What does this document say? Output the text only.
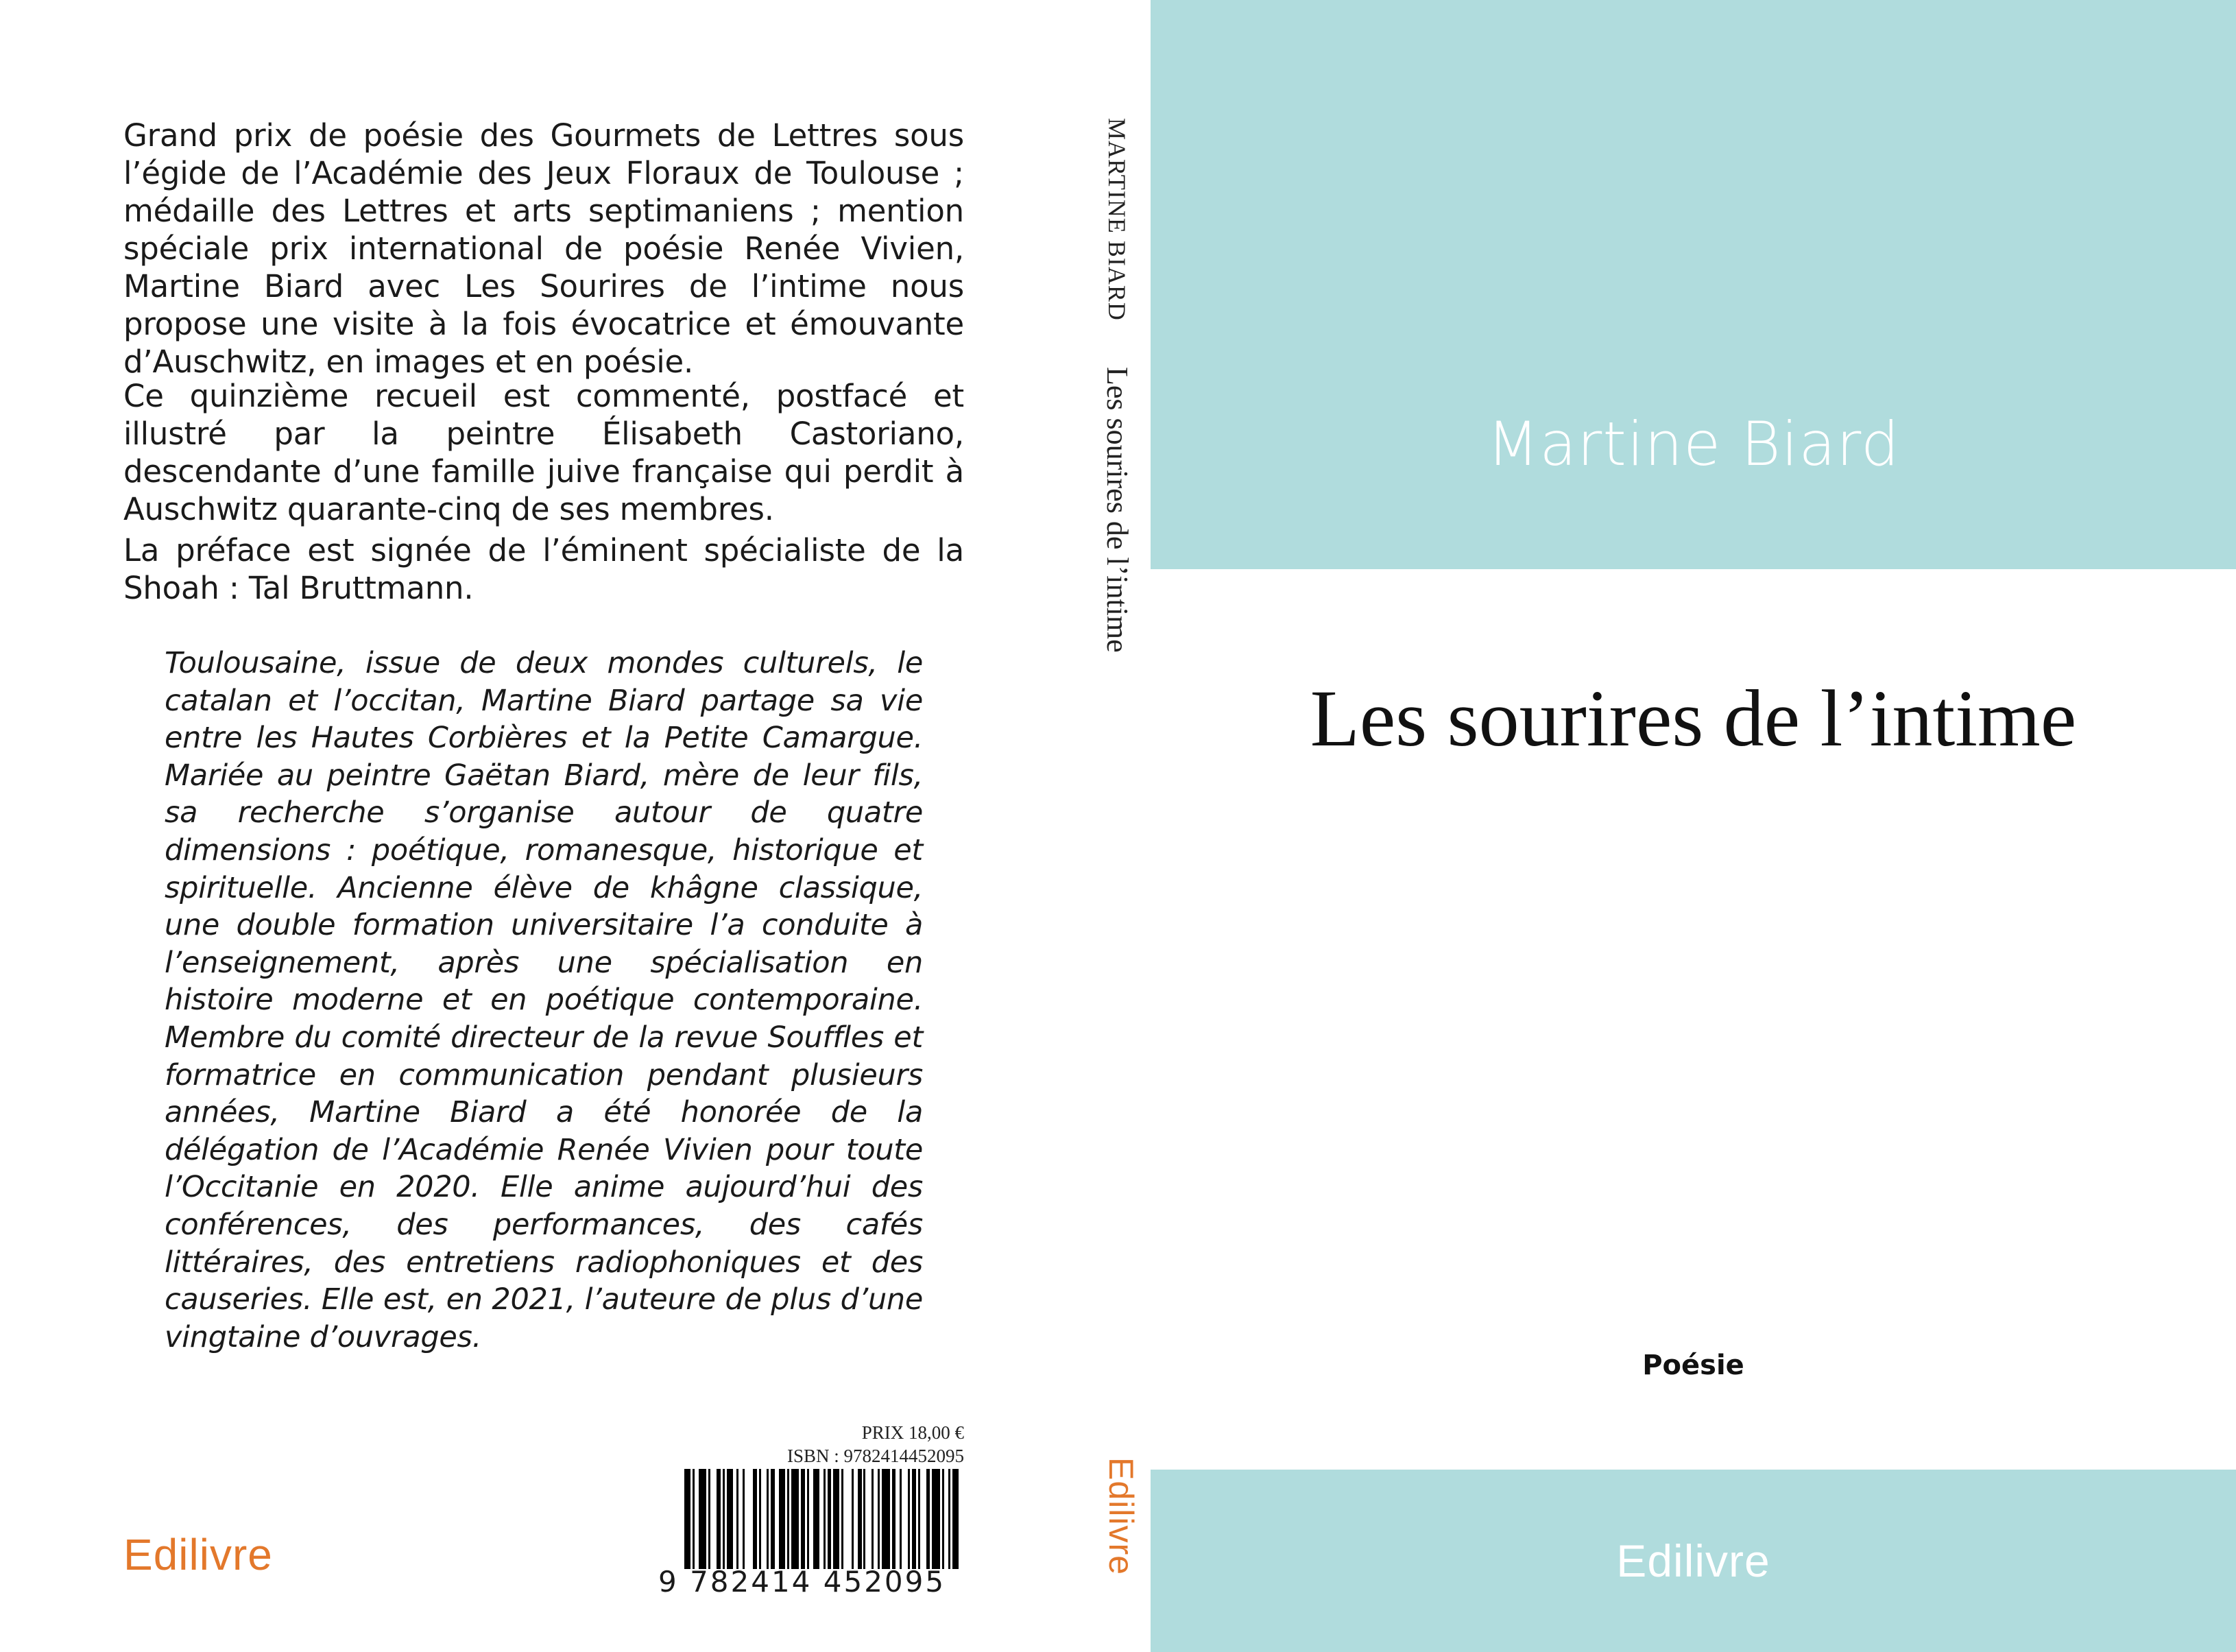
Grand prix de poésie des Gourmets de Lettres sous l’égide de l’Académie des Jeux Floraux de Toulouse ; médaille des Lettres et arts septimaniens ; mention spéciale prix international de poésie Renée Vivien, Martine Biard avec Les Sourires de l’intime nous propose une visite à la fois évocatrice et émouvante d’Auschwitz, en images et en poésie.

Ce quinzième recueil est commenté, postfacé et illustré par la peintre Élisabeth Castoriano, descendante d’une famille juive française qui perdit à Auschwitz quarante-cinq de ses membres.

La préface est signée de l’éminent spécialiste de la Shoah : Tal Bruttmann.

Toulousaine, issue de deux mondes culturels, le catalan et l’occitan, Martine Biard partage sa vie entre les Hautes Corbières et la Petite Camargue. Mariée au peintre Gaëtan Biard, mère de leur fils, sa recherche s’organise autour de quatre dimensions : poétique, romanesque, historique et spirituelle. Ancienne élève de khâgne classique, une double formation universitaire l’a conduite à l’enseignement, après une spécialisation en histoire moderne et en poétique contemporaine. Membre du comité directeur de la revue Souffles et formatrice en communication pendant plusieurs années, Martine Biard a été honorée de la délégation de l’Académie Renée Vivien pour toute l’Occitanie en 2020. Elle anime aujourd’hui des conférences, des performances, des cafés littéraires, des entretiens radiophoniques et des causeries. Elle est, en 2021, l’auteure de plus d’une vingtaine d’ouvrages.

PRIX 18,00 €
ISBN : 9782414452095
9 782414 452095
Edilivre
MARTINE BIARD
Les sourires de l’intime
Edilivre
Martine Biard
Les sourires de l’intime
Poésie
Edilivre
